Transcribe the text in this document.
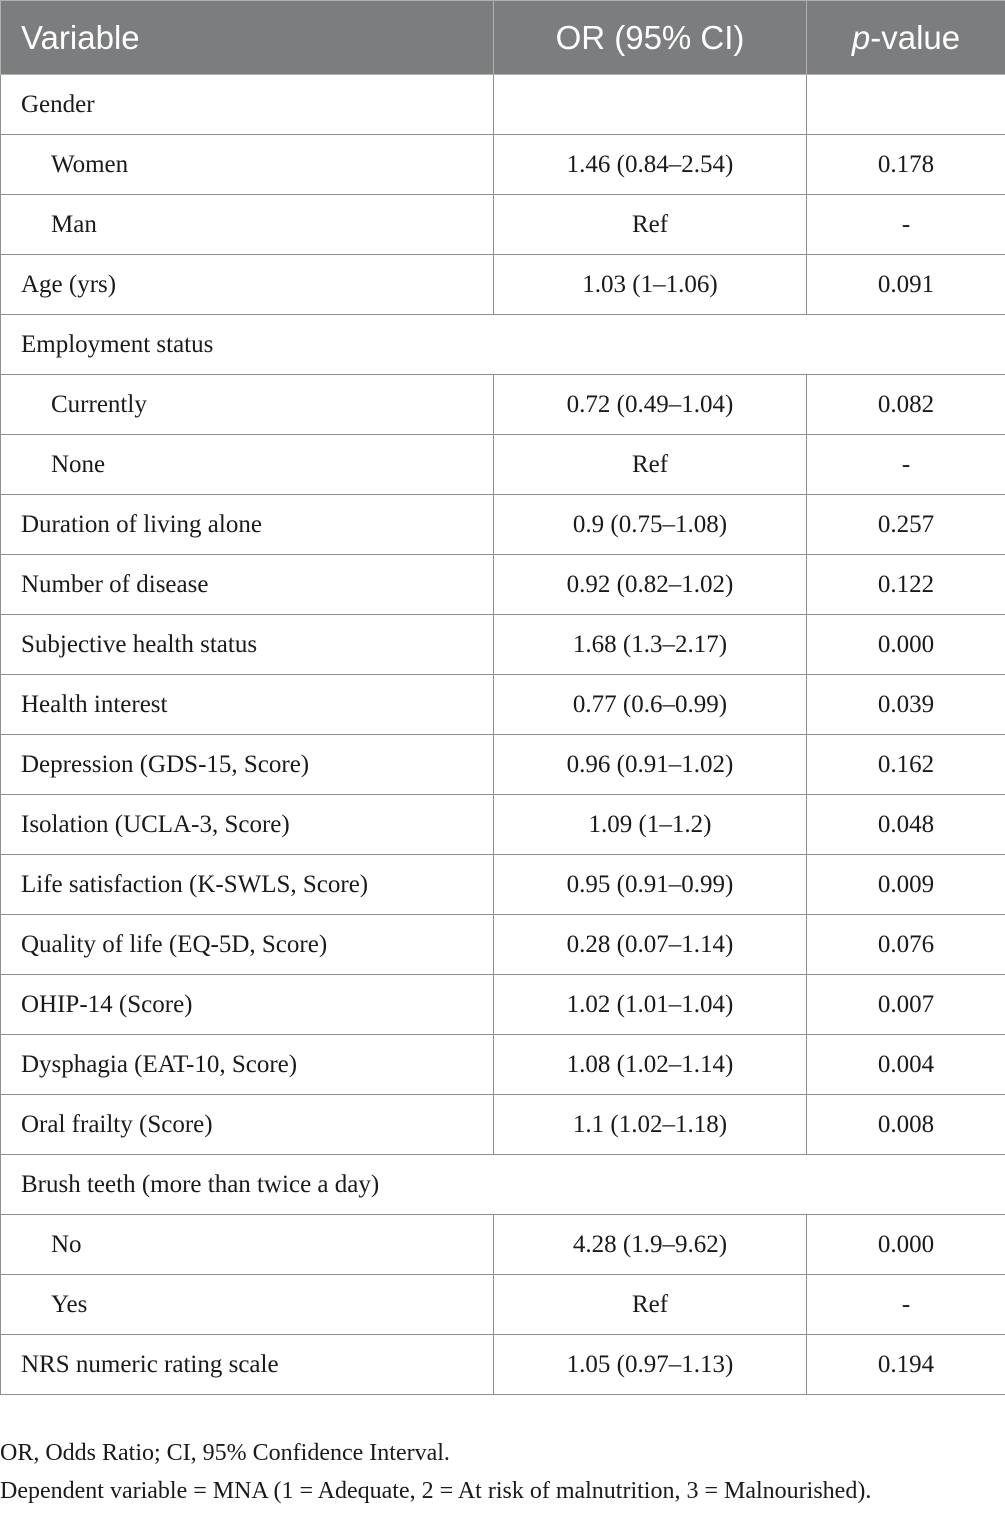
Variable	OR (95% CI)	p-value
Gender		
Women	1.46 (0.84–2.54)	0.178
Man	Ref	-
Age (yrs)	1.03 (1–1.06)	0.091
Employment status		
Currently	0.72 (0.49–1.04)	0.082
None	Ref	-
Duration of living alone	0.9 (0.75–1.08)	0.257
Number of disease	0.92 (0.82–1.02)	0.122
Subjective health status	1.68 (1.3–2.17)	0.000
Health interest	0.77 (0.6–0.99)	0.039
Depression (GDS-15, Score)	0.96 (0.91–1.02)	0.162
Isolation (UCLA-3, Score)	1.09 (1–1.2)	0.048
Life satisfaction (K-SWLS, Score)	0.95 (0.91–0.99)	0.009
Quality of life (EQ-5D, Score)	0.28 (0.07–1.14)	0.076
OHIP-14 (Score)	1.02 (1.01–1.04)	0.007
Dysphagia (EAT-10, Score)	1.08 (1.02–1.14)	0.004
Oral frailty (Score)	1.1 (1.02–1.18)	0.008
Brush teeth (more than twice a day)		
No	4.28 (1.9–9.62)	0.000
Yes	Ref	-
NRS numeric rating scale	1.05 (0.97–1.13)	0.194
OR, Odds Ratio; CI, 95% Confidence Interval.
Dependent variable = MNA (1 = Adequate, 2 = At risk of malnutrition, 3 = Malnourished).
